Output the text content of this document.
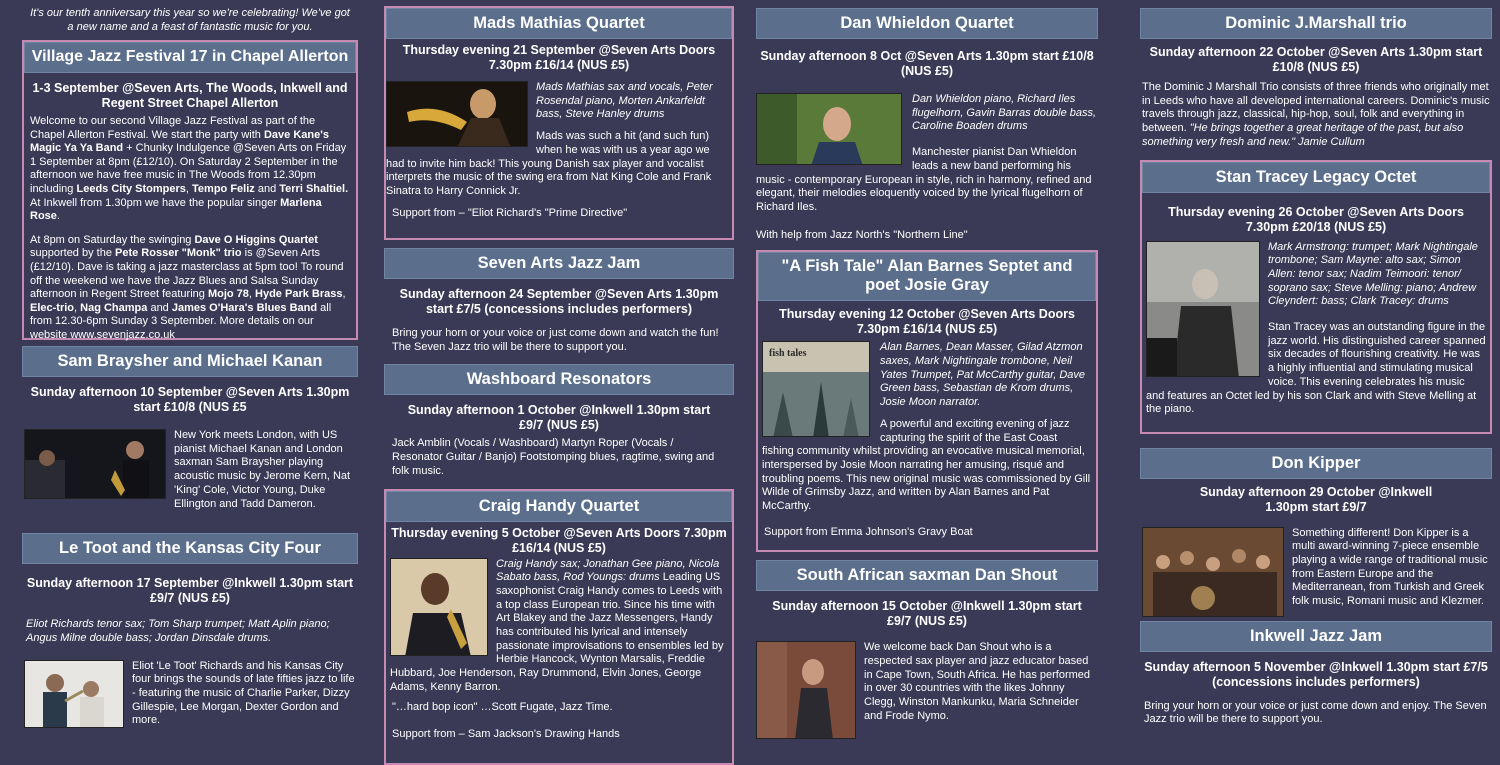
It's our tenth anniversary this year so we're celebrating! We've got a new name and a feast of fantastic music for you.
Village Jazz Festival 17 in Chapel Allerton
1-3 September @Seven Arts, The Woods, Inkwell and Regent Street Chapel Allerton
Welcome to our second Village Jazz Festival as part of the Chapel Allerton Festival. We start the party with Dave Kane's Magic Ya Ya Band + Chunky Indulgence @Seven Arts on Friday 1 September at 8pm (£12/10). On Saturday 2 September in the afternoon we have free music in The Woods from 12.30pm including Leeds City Stompers, Tempo Feliz and Terri Shaltiel. At Inkwell from 1.30pm we have the popular singer Marlena Rose.
At 8pm on Saturday the swinging Dave O Higgins Quartet supported by the Pete Rosser "Monk" trio is @Seven Arts (£12/10). Dave is taking a jazz masterclass at 5pm too! To round off the weekend we have the Jazz Blues and Salsa Sunday afternoon in Regent Street featuring Mojo 78, Hyde Park Brass, Elec-trio, Nag Champa and James O'Hara's Blues Band all from 12.30-6pm Sunday 3 September. More details on our website www.sevenjazz.co.uk
Sam Braysher and Michael Kanan
Sunday afternoon 10 September @Seven Arts 1.30pm start £10/8 (NUS £5
New York meets London, with US pianist Michael Kanan and London saxman Sam Braysher playing acoustic music by Jerome Kern, Nat 'King' Cole, Victor Young, Duke Ellington and Tadd Dameron.
Le Toot and the Kansas City Four
Sunday afternoon 17 September @Inkwell 1.30pm start £9/7 (NUS £5)
Eliot Richards tenor sax; Tom Sharp trumpet; Matt Aplin piano; Angus Milne double bass; Jordan Dinsdale drums.
Eliot 'Le Toot' Richards and his Kansas City four brings the sounds of late fifties jazz to life - featuring the music of Charlie Parker, Dizzy Gillespie, Lee Morgan, Dexter Gordon and more.
Mads Mathias Quartet
Thursday evening 21 September @Seven Arts Doors 7.30pm £16/14 (NUS £5)
Mads Mathias sax and vocals, Peter Rosendal piano, Morten Ankarfeldt bass, Steve Hanley drums
Mads was such a hit (and such fun) when he was with us a year ago we had to invite him back! This young Danish sax player and vocalist interprets the music of the swing era from Nat King Cole and Frank Sinatra to Harry Connick Jr.
Support from – "Eliot Richard's "Prime Directive"
Seven Arts Jazz Jam
Sunday afternoon 24 September @Seven Arts 1.30pm start £7/5 (concessions includes performers)
Bring your horn or your voice or just come down and watch the fun! The Seven Jazz trio will be there to support you.
Washboard Resonators
Sunday afternoon 1 October @Inkwell 1.30pm start £9/7 (NUS £5)
Jack Amblin (Vocals / Washboard) Martyn Roper (Vocals / Resonator Guitar / Banjo) Footstomping blues, ragtime, swing and folk music.
Craig Handy Quartet
Thursday evening 5 October @Seven Arts Doors 7.30pm £16/14 (NUS £5)
Craig Handy sax; Jonathan Gee piano, Nicola Sabato bass, Rod Youngs: drums Leading US saxophonist Craig Handy comes to Leeds with a top class European trio. Since his time with Art Blakey and the Jazz Messengers, Handy has contributed his lyrical and intensely passionate improvisations to ensembles led by Herbie Hancock, Wynton Marsalis, Freddie Hubbard, Joe Henderson, Ray Drummond, Elvin Jones, George Adams, Kenny Barron.
"…hard bop icon" …Scott Fugate, Jazz Time.
Support from – Sam Jackson's Drawing Hands
Dan Whieldon Quartet
Sunday afternoon 8 Oct @Seven Arts 1.30pm start £10/8 (NUS £5)
Dan Whieldon piano, Richard Iles flugelhorn, Gavin Barras double bass, Caroline Boaden drums
Manchester pianist Dan Whieldon leads a new band performing his music - contemporary European in style, rich in harmony, refined and elegant, their melodies eloquently voiced by the lyrical flugelhorn of Richard Iles.
With help from Jazz North's "Northern Line"
"A Fish Tale" Alan Barnes Septet and poet Josie Gray
Thursday evening 12 October @Seven Arts Doors 7.30pm £16/14 (NUS £5)
fish tales
Alan Barnes, Dean Masser, Gilad Atzmon saxes, Mark Nightingale trombone, Neil Yates Trumpet, Pat McCarthy guitar, Dave Green bass, Sebastian de Krom drums, Josie Moon narrator.
A powerful and exciting evening of jazz capturing the spirit of the East Coast fishing community whilst providing an evocative musical memorial, interspersed by Josie Moon narrating her amusing, risqué and troubling poems. This new original music was commissioned by Gill Wilde of Grimsby Jazz, and written by Alan Barnes and Pat McCarthy.
Support from Emma Johnson's Gravy Boat
South African saxman Dan Shout
Sunday afternoon 15 October @Inkwell 1.30pm start £9/7 (NUS £5)
We welcome back Dan Shout who is a respected sax player and jazz educator based in Cape Town, South Africa. He has performed in over 30 countries with the likes Johnny Clegg, Winston Mankunku, Maria Schneider and Frode Nymo.
Dominic J.Marshall trio
Sunday afternoon 22 October @Seven Arts 1.30pm start £10/8 (NUS £5)
The Dominic J Marshall Trio consists of three friends who originally met in Leeds who have all developed international careers. Dominic's music travels through jazz, classical, hip-hop, soul, folk and everything in between. "He brings together a great heritage of the past, but also something very fresh and new." Jamie Cullum
Stan Tracey Legacy Octet
Thursday evening 26 October @Seven Arts Doors 7.30pm £20/18 (NUS £5)
Mark Armstrong: trumpet; Mark Nightingale trombone; Sam Mayne: alto sax; Simon Allen: tenor sax; Nadim Teimoori: tenor/ soprano sax; Steve Melling: piano; Andrew Cleyndert: bass; Clark Tracey: drums
Stan Tracey was an outstanding figure in the jazz world. His distinguished career spanned six decades of flourishing creativity. He was a highly influential and stimulating musical voice. This evening celebrates his music and features an Octet led by his son Clark and with Steve Melling at the piano.
Don Kipper
Sunday afternoon 29 October @Inkwell 1.30pm start £9/7
Something different! Don Kipper is a multi award-winning 7-piece ensemble playing a wide range of traditional music from Eastern Europe and the Mediterranean, from Turkish and Greek folk music, Romani music and Klezmer.
Inkwell Jazz Jam
Sunday afternoon 5 November @Inkwell 1.30pm start £7/5 (concessions includes performers)
Bring your horn or your voice or just come down and enjoy. The Seven Jazz trio will be there to support you.
